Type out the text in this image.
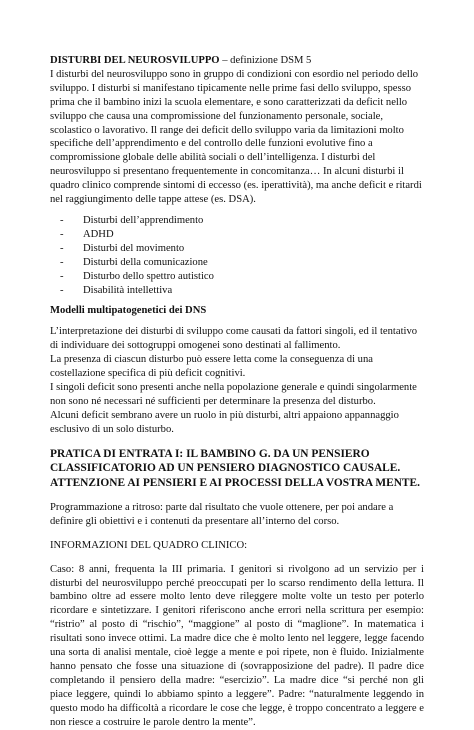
DISTURBI DEL NEUROSVILUPPO – definizione DSM 5

I disturbi del neurosviluppo sono in gruppo di condizioni con esordio nel periodo dello sviluppo. I disturbi si manifestano tipicamente nelle prime fasi dello sviluppo, spesso prima che il bambino inizi la scuola elementare, e sono caratterizzati da deficit nello sviluppo che causa una compromissione del funzionamento personale, sociale, scolastico o lavorativo. Il range dei deficit dello sviluppo varia da limitazioni molto specifiche dell’apprendimento e del controllo delle funzioni evolutive fino a compromissione globale delle abilità sociali o dell’intelligenza. I disturbi del neurosviluppo si presentano frequentemente in concomitanza… In alcuni disturbi il quadro clinico comprende sintomi di eccesso (es. iperattività), ma anche deficit e ritardi nel raggiungimento delle tappe attese (es. DSA).

- Disturbi dell’apprendimento
- ADHD
- Disturbi del movimento
- Disturbi della comunicazione
- Disturbo dello spettro autistico
- Disabilità intellettiva

Modelli multipatogenetici dei DNS

L’interpretazione dei disturbi di sviluppo come causati da fattori singoli, ed il tentativo di individuare dei sottogruppi omogenei sono destinati al fallimento.

La presenza di ciascun disturbo può essere letta come la conseguenza di una costellazione specifica di più deficit cognitivi.

I singoli deficit sono presenti anche nella popolazione generale e quindi singolarmente non sono né necessari né sufficienti per determinare la presenza del disturbo.

Alcuni deficit sembrano avere un ruolo in più disturbi, altri appaiono appannaggio esclusivo di un solo disturbo.

PRATICA DI ENTRATA I: IL BAMBINO G. DA UN PENSIERO CLASSIFICATORIO AD UN PENSIERO DIAGNOSTICO CAUSALE. ATTENZIONE AI PENSIERI E AI PROCESSI DELLA VOSTRA MENTE.

Programmazione a ritroso: parte dal risultato che vuole ottenere, per poi andare a definire gli obiettivi e i contenuti da presentare all’interno del corso.

INFORMAZIONI DEL QUADRO CLINICO:

Caso: 8 anni, frequenta la III primaria. I genitori si rivolgono ad un servizio per i disturbi del neurosviluppo perché preoccupati per lo scarso rendimento della lettura. Il bambino oltre ad essere molto lento deve rileggere molte volte un testo per poterlo ricordare e sintetizzare. I genitori riferiscono anche errori nella scrittura per esempio: “ristrio” al posto di “rischio”, “maggione” al posto di “maglione”. In matematica i risultati sono invece ottimi. La madre dice che è molto lento nel leggere, legge facendo una sorta di analisi mentale, cioè legge a mente e poi ripete, non è fluido. Inizialmente hanno pensato che fosse una situazione di (sovrapposizione del padre). Il padre dice completando il pensiero della madre: “esercizio”. La madre dice “si perché non gli piace leggere, quindi lo abbiamo spinto a leggere”. Padre: “naturalmente leggendo in questo modo ha difficoltà a ricordare le cose che legge, è troppo concentrato a leggere e non riesce a costruire le parole dentro la mente”.
